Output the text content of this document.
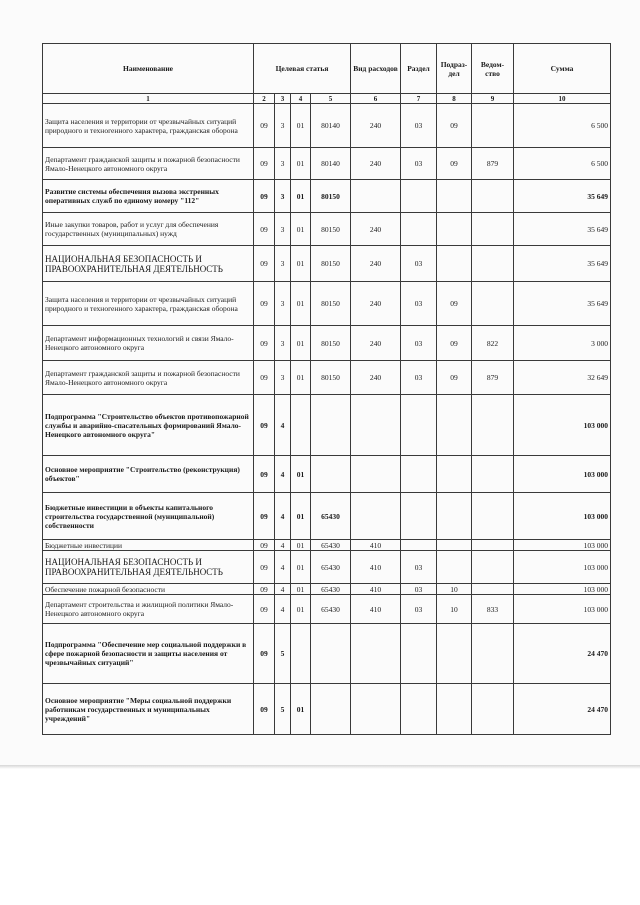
Наименование	Целевая статья				Вид расходов	Раздел	Подраз-дел	Ведом-ство	Сумма
1	2	3	4	5	6	7	8	9	10
Защита населения и территории от чрезвычайных ситуаций природного и техногенного характера, гражданская оборона	09	3	01	80140	240	03	09		6 500
Департамент гражданской защиты и пожарной безопасности Ямало-Ненецкого автономного округа	09	3	01	80140	240	03	09	879	6 500
Развитие системы обеспечения вызова экстренных оперативных служб по единому номеру "112"	09	3	01	80150					35 649
Иные закупки товаров, работ и услуг для обеспечения государственных (муниципальных) нужд	09	3	01	80150	240				35 649
НАЦИОНАЛЬНАЯ БЕЗОПАСНОСТЬ И ПРАВООХРАНИТЕЛЬНАЯ ДЕЯТЕЛЬНОСТЬ	09	3	01	80150	240	03			35 649
Защита населения и территории от чрезвычайных ситуаций природного и техногенного характера, гражданская оборона	09	3	01	80150	240	03	09		35 649
Департамент информационных технологий и связи Ямало-Ненецкого автономного округа	09	3	01	80150	240	03	09	822	3 000
Департамент гражданской защиты и пожарной безопасности Ямало-Ненецкого автономного округа	09	3	01	80150	240	03	09	879	32 649
Подпрограмма "Строительство объектов противопожарной службы и аварийно-спасательных формирований Ямало-Ненецкого автономного округа"	09	4							103 000
Основное мероприятие "Строительство (реконструкция) объектов"	09	4	01						103 000
Бюджетные инвестиции в объекты капитального строительства государственной (муниципальной) собственности	09	4	01	65430					103 000
Бюджетные инвестиции	09	4	01	65430	410				103 000
НАЦИОНАЛЬНАЯ БЕЗОПАСНОСТЬ И ПРАВООХРАНИТЕЛЬНАЯ ДЕЯТЕЛЬНОСТЬ	09	4	01	65430	410	03			103 000
Обеспечение пожарной безопасности	09	4	01	65430	410	03	10		103 000
Департамент строительства и жилищной политики Ямало-Ненецкого автономного округа	09	4	01	65430	410	03	10	833	103 000
Подпрограмма "Обеспечение мер социальной поддержки в сфере пожарной безопасности и защиты населения от чрезвычайных ситуаций"	09	5							24 470
Основное мероприятие "Меры социальной поддержки работникам государственных и муниципальных учреждений"	09	5	01						24 470
